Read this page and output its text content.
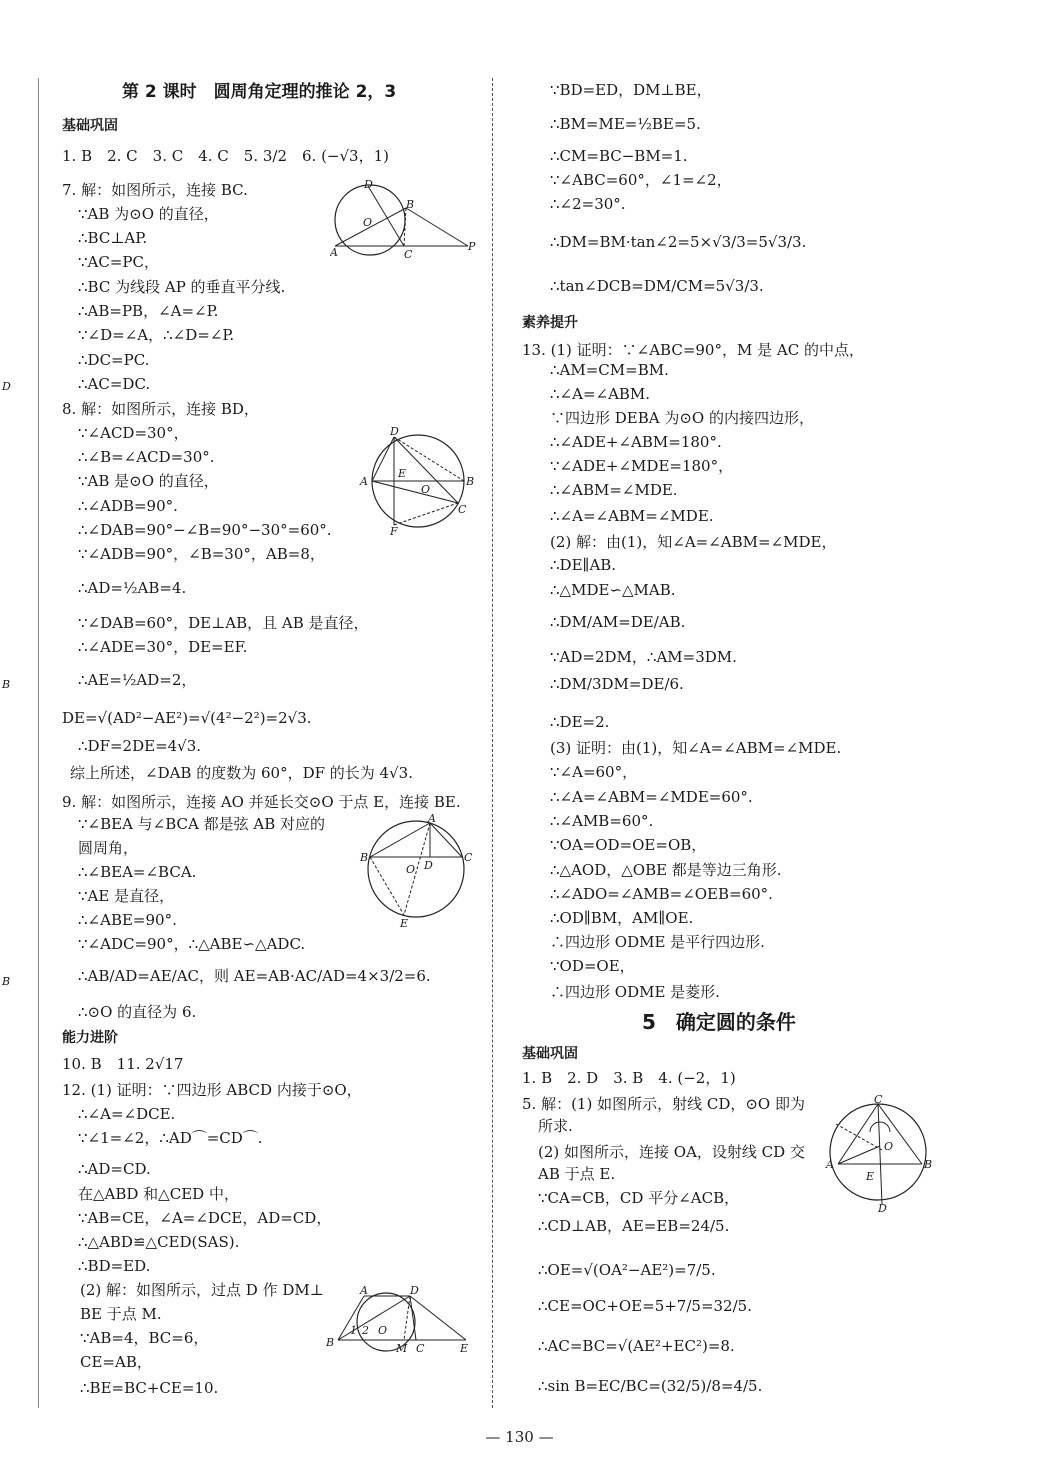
D
B
B
第 2 课时　圆周角定理的推论 2，3
基础巩固
1. B　2. C　3. C　4. C　5. 3/2　6. (−√3，1)
7. 解：如图所示，连接 BC.
∵AB 为⊙O 的直径，
∴BC⊥AP.
∵AC=PC，
∴BC 为线段 AP 的垂直平分线.
∴AB=PB，∠A=∠P.
∵∠D=∠A，∴∠D=∠P.
∴DC=PC.
∴AC=DC.
8. 解：如图所示，连接 BD，
∵∠ACD=30°，
∴∠B=∠ACD=30°.
∵AB 是⊙O 的直径，
∴∠ADB=90°.
∴∠DAB=90°−∠B=90°−30°=60°.
∵∠ADB=90°，∠B=30°，AB=8，
∴AD=½AB=4.
∵∠DAB=60°，DE⊥AB，且 AB 是直径，
∴∠ADE=30°，DE=EF.
∴AE=½AD=2，
DE=√(AD²−AE²)=√(4²−2²)=2√3.
∴DF=2DE=4√3.
综上所述，∠DAB 的度数为 60°，DF 的长为 4√3.
9. 解：如图所示，连接 AO 并延长交⊙O 于点 E，连接 BE.
∵∠BEA 与∠BCA 都是弦 AB 对应的
圆周角，
∴∠BEA=∠BCA.
∵AE 是直径，
∴∠ABE=90°.
∵∠ADC=90°，∴△ABE∽△ADC.
∴AB/AD=AE/AC，则 AE=AB·AC/AD=4×3/2=6.
∴⊙O 的直径为 6.
能力进阶
10. B　11. 2√17
12. (1) 证明：∵四边形 ABCD 内接于⊙O，
∴∠A=∠DCE.
∵∠1=∠2，∴AD⌒=CD⌒.
∴AD=CD.
在△ABD 和△CED 中，
∵AB=CE，∠A=∠DCE，AD=CD，
∴△ABD≌△CED(SAS).
∴BD=ED.
(2) 解：如图所示，过点 D 作 DM⊥
BE 于点 M.
∵AB=4，BC=6，
CE=AB，
∴BE=BC+CE=10.
∵BD=ED，DM⊥BE，
∴BM=ME=½BE=5.
∴CM=BC−BM=1.
∵∠ABC=60°，∠1=∠2，
∴∠2=30°.
∴DM=BM·tan∠2=5×√3/3=5√3/3.
∴tan∠DCB=DM/CM=5√3/3.
素养提升
13. (1) 证明：∵∠ABC=90°，M 是 AC 的中点，
∴AM=CM=BM.
∴∠A=∠ABM.
∵四边形 DEBA 为⊙O 的内接四边形，
∴∠ADE+∠ABM=180°.
∵∠ADE+∠MDE=180°，
∴∠ABM=∠MDE.
∴∠A=∠ABM=∠MDE.
(2) 解：由(1)，知∠A=∠ABM=∠MDE，
∴DE∥AB.
∴△MDE∽△MAB.
∴DM/AM=DE/AB.
∵AD=2DM，∴AM=3DM.
∴DM/3DM=DE/6.
∴DE=2.
(3) 证明：由(1)，知∠A=∠ABM=∠MDE.
∵∠A=60°，
∴∠A=∠ABM=∠MDE=60°.
∴∠AMB=60°.
∵OA=OD=OE=OB，
∴△AOD，△OBE 都是等边三角形.
∴∠ADO=∠AMB=∠OEB=60°.
∴OD∥BM，AM∥OE.
∴四边形 ODME 是平行四边形.
∵OD=OE，
∴四边形 ODME 是菱形.
5　确定圆的条件
基础巩固
1. B　2. D　3. B　4. (−2，1)
5. 解：(1) 如图所示，射线 CD，⊙O 即为
所求.
(2) 如图所示，连接 OA，设射线 CD 交
AB 于点 E.
∵CA=CB，CD 平分∠ACB，
∴CD⊥AB，AE=EB=24/5.
∴OE=√(OA²−AE²)=7/5.
∴CE=OC+OE=5+7/5=32/5.
∴AC=BC=√(AE²+EC²)=8.
∴sin B=EC/BC=(32/5)/8=4/5.
D
B
O
A	C
P
D
E
A
O
B
F
C
A
B	C
O D
E
A	D
B
1 2 O
M C	E
C
O
A
E
B
D
— 130 —
